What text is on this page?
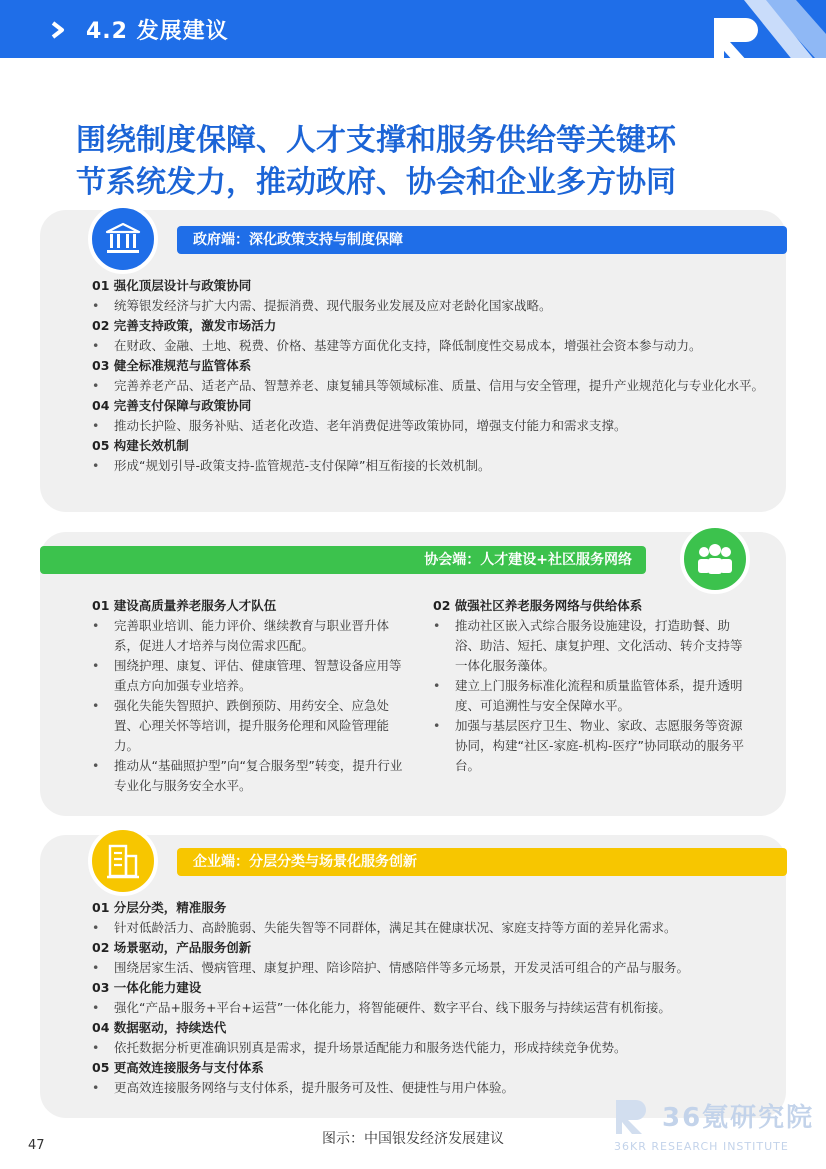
4.2 发展建议
围绕制度保障、人才支撑和服务供给等关键环
节系统发力，推动政府、协会和企业多方协同
政府端：深化政策支持与制度保障
01 强化顶层设计与政策协同
• 统筹银发经济与扩大内需、提振消费、现代服务业发展及应对老龄化国家战略。
02 完善支持政策，激发市场活力
• 在财政、金融、土地、税费、价格、基建等方面优化支持，降低制度性交易成本，增强社会资本参与动力。
03 健全标准规范与监管体系
• 完善养老产品、适老产品、智慧养老、康复辅具等领域标准、质量、信用与安全管理，提升产业规范化与专业化水平。
04 完善支付保障与政策协同
• 推动长护险、服务补贴、适老化改造、老年消费促进等政策协同，增强支付能力和需求支撑。
05 构建长效机制
• 形成“规划引导-政策支持-监管规范-支付保障”相互衔接的长效机制。
协会端：人才建设+社区服务网络
01 建设高质量养老服务人才队伍
• 完善职业培训、能力评价、继续教育与职业晋升体系，促进人才培养与岗位需求匹配。
• 围绕护理、康复、评估、健康管理、智慧设备应用等重点方向加强专业培养。
• 强化失能失智照护、跌倒预防、用药安全、应急处置、心理关怀等培训，提升服务伦理和风险管理能力。
• 推动从“基础照护型”向“复合服务型”转变，提升行业专业化与服务安全水平。
02 做强社区养老服务网络与供给体系
• 推动社区嵌入式综合服务设施建设，打造助餐、助浴、助洁、短托、康复护理、文化活动、转介支持等一体化服务藻体。
• 建立上门服务标准化流程和质量监管体系，提升透明度、可追溯性与安全保障水平。
• 加强与基层医疗卫生、物业、家政、志愿服务等资源协同，构建“社区-家庭-机构-医疗”协同联动的服务平台。
企业端：分层分类与场景化服务创新
01 分层分类，精准服务
• 针对低龄活力、高龄脆弱、失能失智等不同群体，满足其在健康状况、家庭支持等方面的差异化需求。
02 场景驱动，产品服务创新
• 围绕居家生活、慢病管理、康复护理、陪诊陪护、情感陪伴等多元场景，开发灵活可组合的产品与服务。
03 一体化能力建设
• 强化“产品+服务+平台+运营”一体化能力，将智能硬件、数字平台、线下服务与持续运营有机衔接。
04 数据驱动，持续迭代
• 依托数据分析更准确识别真是需求，提升场景适配能力和服务迭代能力，形成持续竞争优势。
05 更高效连接服务与支付体系
• 更高效连接服务网络与支付体系，提升服务可及性、便捷性与用户体验。
47	图示：中国银发经济发展建议
36氪研究院
36KR RESEARCH INSTITUTE
